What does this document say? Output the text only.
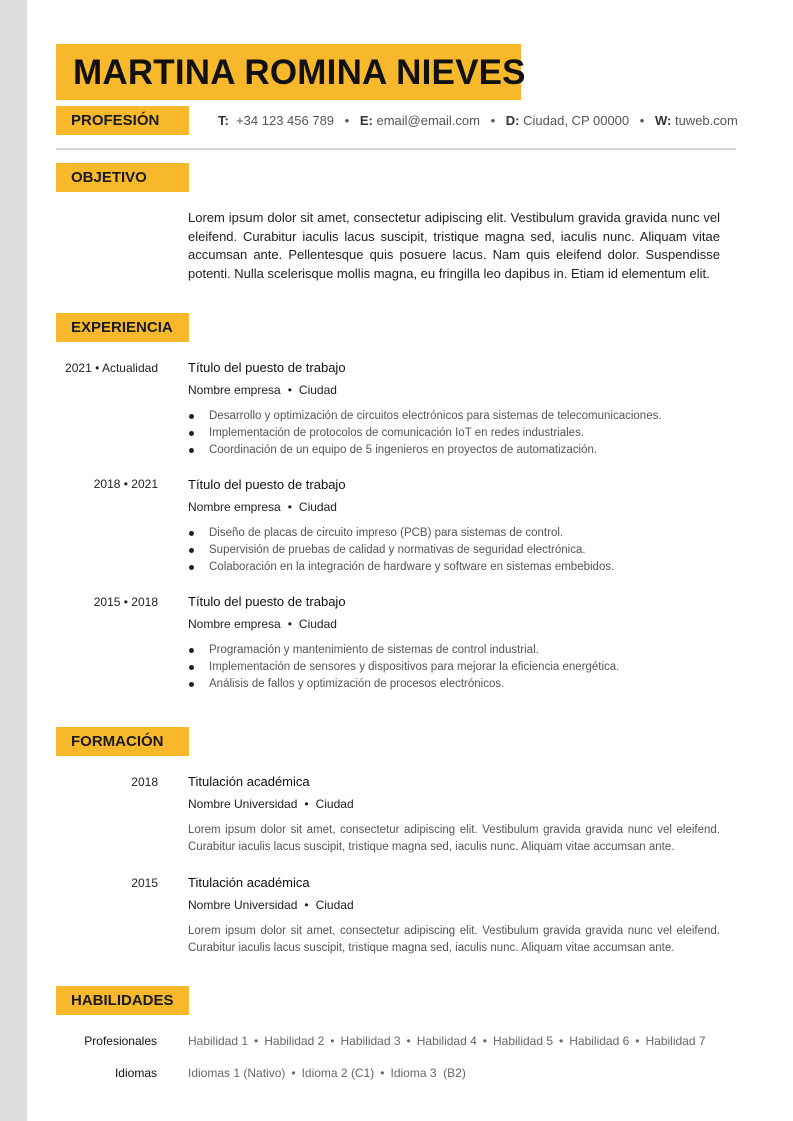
MARTINA ROMINA NIEVES
PROFESIÓN	T: +34 123 456 789 • E: email@email.com • D: Ciudad, CP 00000 • W: tuweb.com
OBJETIVO

Lorem ipsum dolor sit amet, consectetur adipiscing elit. Vestibulum gravida gravida nunc vel eleifend. Curabitur iaculis lacus suscipit, tristique magna sed, iaculis nunc. Aliquam vitae accumsan ante. Pellentesque quis posuere lacus. Nam quis eleifend dolor. Suspendisse potenti. Nulla scelerisque mollis magna, eu fringilla leo dapibus in. Etiam id elementum elit.

EXPERIENCIA
2021 • Actualidad Título del puesto de trabajo
Nombre empresa • Ciudad
Desarrollo y optimización de circuitos electrónicos para sistemas de telecomunicaciones.
Implementación de protocolos de comunicación IoT en redes industriales.
Coordinación de un equipo de 5 ingenieros en proyectos de automatización.
2018 • 2021 Título del puesto de trabajo
Nombre empresa • Ciudad
Diseño de placas de circuito impreso (PCB) para sistemas de control.
Supervisión de pruebas de calidad y normativas de seguridad electrónica.
Colaboración en la integración de hardware y software en sistemas embebidos.
2015 • 2018 Título del puesto de trabajo
Nombre empresa • Ciudad
Programación y mantenimiento de sistemas de control industrial.
Implementación de sensores y dispositivos para mejorar la eficiencia energética.
Análisis de fallos y optimización de procesos electrónicos.
FORMACIÓN
2018 Titulación académica
Nombre Universidad • Ciudad

Lorem ipsum dolor sit amet, consectetur adipiscing elit. Vestibulum gravida gravida nunc vel eleifend. Curabitur iaculis lacus suscipit, tristique magna sed, iaculis nunc. Aliquam vitae accumsan ante.

2015 Titulación académica
Nombre Universidad • Ciudad

Lorem ipsum dolor sit amet, consectetur adipiscing elit. Vestibulum gravida gravida nunc vel eleifend. Curabitur iaculis lacus suscipit, tristique magna sed, iaculis nunc. Aliquam vitae accumsan ante.

HABILIDADES
Profesionales	Habilidad 1 • Habilidad 2 • Habilidad 3 • Habilidad 4 • Habilidad 5 • Habilidad 6 • Habilidad 7
Idiomas	Idiomas 1 (Nativo) • Idioma 2 (C1) • Idioma 3  (B2)
